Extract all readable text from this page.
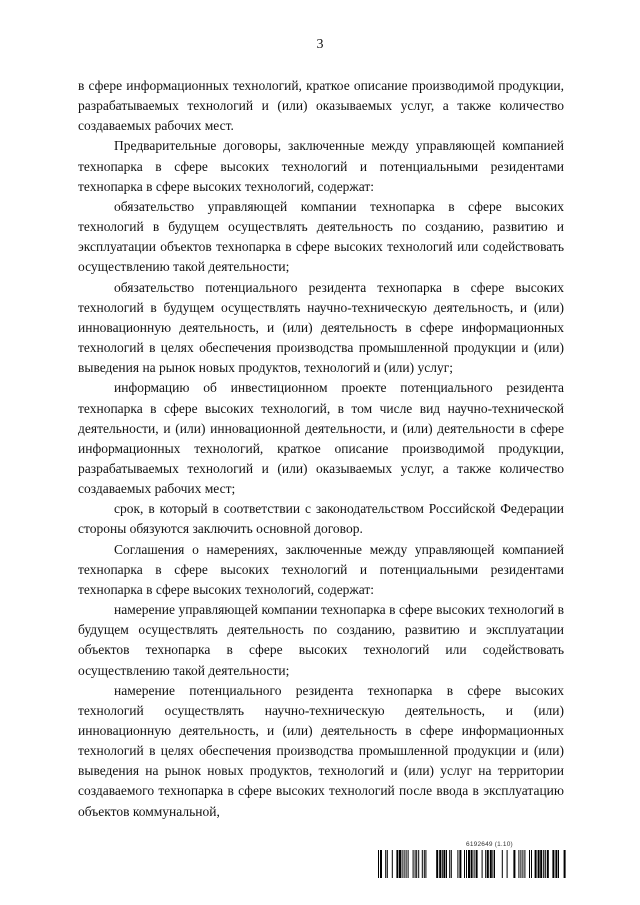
3

в сфере информационных технологий, краткое описание производимой продукции, разрабатываемых технологий и (или) оказываемых услуг, а также количество создаваемых рабочих мест.

Предварительные договоры, заключенные между управляющей компанией технопарка в сфере высоких технологий и потенциальными резидентами технопарка в сфере высоких технологий, содержат:

обязательство управляющей компании технопарка в сфере высоких технологий в будущем осуществлять деятельность по созданию, развитию и эксплуатации объектов технопарка в сфере высоких технологий или содействовать осуществлению такой деятельности;

обязательство потенциального резидента технопарка в сфере высоких технологий в будущем осуществлять научно-техническую деятельность, и (или) инновационную деятельность, и (или) деятельность в сфере информационных технологий в целях обеспечения производства промышленной продукции и (или) выведения на рынок новых продуктов, технологий и (или) услуг;

информацию об инвестиционном проекте потенциального резидента технопарка в сфере высоких технологий, в том числе вид научно-технической деятельности, и (или) инновационной деятельности, и (или) деятельности в сфере информационных технологий, краткое описание производимой продукции, разрабатываемых технологий и (или) оказываемых услуг, а также количество создаваемых рабочих мест;

срок, в который в соответствии с законодательством Российской Федерации стороны обязуются заключить основной договор.

Соглашения о намерениях, заключенные между управляющей компанией технопарка в сфере высоких технологий и потенциальными резидентами технопарка в сфере высоких технологий, содержат:

намерение управляющей компании технопарка в сфере высоких технологий в будущем осуществлять деятельность по созданию, развитию и эксплуатации объектов технопарка в сфере высоких технологий или содействовать осуществлению такой деятельности;

намерение потенциального резидента технопарка в сфере высоких технологий осуществлять научно-техническую деятельность, и (или) инновационную деятельность, и (или) деятельность в сфере информационных технологий в целях обеспечения производства промышленной продукции и (или) выведения на рынок новых продуктов, технологий и (или) услуг на территории создаваемого технопарка в сфере высоких технологий после ввода в эксплуатацию объектов коммунальной,

6192649 (1.10)
